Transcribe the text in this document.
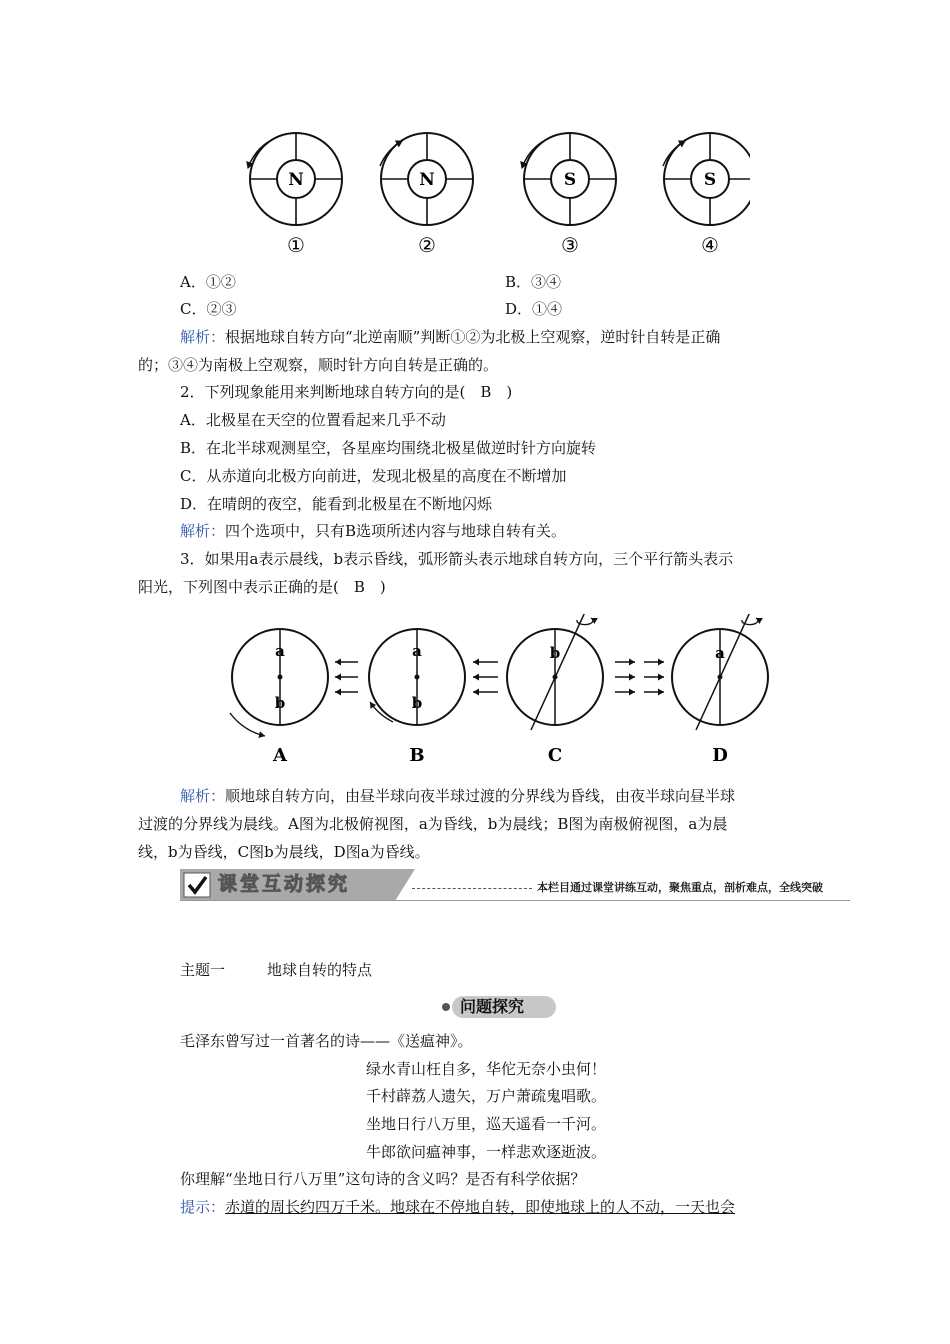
N	N	S	S
①	②	③	④
A．①②	B．③④
C．②③	D．①④
解析：根据地球自转方向“北逆南顺”判断①②为北极上空观察，逆时针自转是正确
的；③④为南极上空观察，顺时针方向自转是正确的。
2．下列现象能用来判断地球自转方向的是(　B　)
A．北极星在天空的位置看起来几乎不动
B．在北半球观测星空，各星座均围绕北极星做逆时针方向旋转
C．从赤道向北极方向前进，发现北极星的高度在不断增加
D．在晴朗的夜空，能看到北极星在不断地闪烁
解析：四个选项中，只有B选项所述内容与地球自转有关。
3．如果用a表示晨线，b表示昏线，弧形箭头表示地球自转方向，三个平行箭头表示
阳光，下列图中表示正确的是(　B　)
a
b
a
b
b	a
A	B	C	D
解析：顺地球自转方向，由昼半球向夜半球过渡的分界线为昏线，由夜半球向昼半球
过渡的分界线为晨线。A图为北极俯视图，a为昏线，b为晨线；B图为南极俯视图，a为晨
线，b为昏线，C图b为晨线，D图a为昏线。
课堂互动探究	本栏目通过课堂讲练互动，聚焦重点，剖析难点，全线突破
主题一	地球自转的特点
问题探究
毛泽东曾写过一首著名的诗——《送瘟神》。
绿水青山枉自多，华佗无奈小虫何！
千村薜荔人遗矢，万户萧疏鬼唱歌。
坐地日行八万里，巡天遥看一千河。
牛郎欲问瘟神事，一样悲欢逐逝波。
你理解“坐地日行八万里”这句诗的含义吗？是否有科学依据？
提示：赤道的周长约四万千米。地球在不停地自转，即使地球上的人不动，一天也会
